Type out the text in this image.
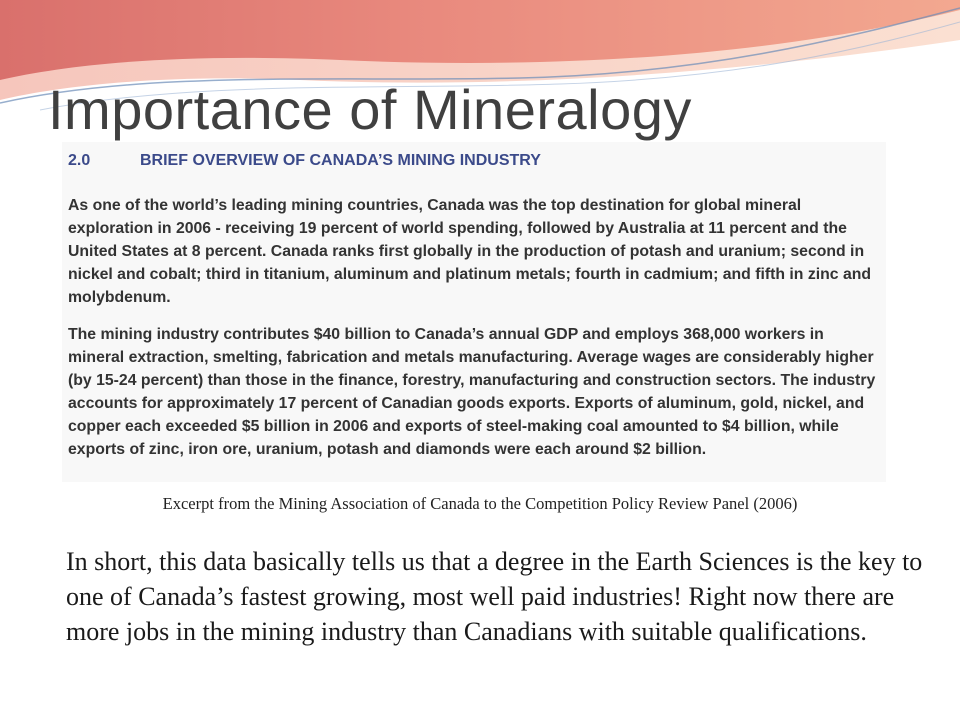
Importance of Mineralogy
2.0	BRIEF OVERVIEW OF CANADA’S MINING INDUSTRY

As one of the world’s leading mining countries, Canada was the top destination for global mineral exploration in 2006 - receiving 19 percent of world spending, followed by Australia at 11 percent and the United States at 8 percent. Canada ranks first globally in the production of potash and uranium; second in nickel and cobalt; third in titanium, aluminum and platinum metals; fourth in cadmium; and fifth in zinc and molybdenum.

The mining industry contributes $40 billion to Canada’s annual GDP and employs 368,000 workers in mineral extraction, smelting, fabrication and metals manufacturing. Average wages are considerably higher (by 15-24 percent) than those in the finance, forestry, manufacturing and construction sectors. The industry accounts for approximately 17 percent of Canadian goods exports. Exports of aluminum, gold, nickel, and copper each exceeded $5 billion in 2006 and exports of steel-making coal amounted to $4 billion, while exports of zinc, iron ore, uranium, potash and diamonds were each around $2 billion.

Excerpt from the Mining Association of Canada to the Competition Policy Review Panel (2006)

In short, this data basically tells us that a degree in the Earth Sciences is the key to one of Canada’s fastest growing, most well paid industries! Right now there are more jobs in the mining industry than Canadians with suitable qualifications.
